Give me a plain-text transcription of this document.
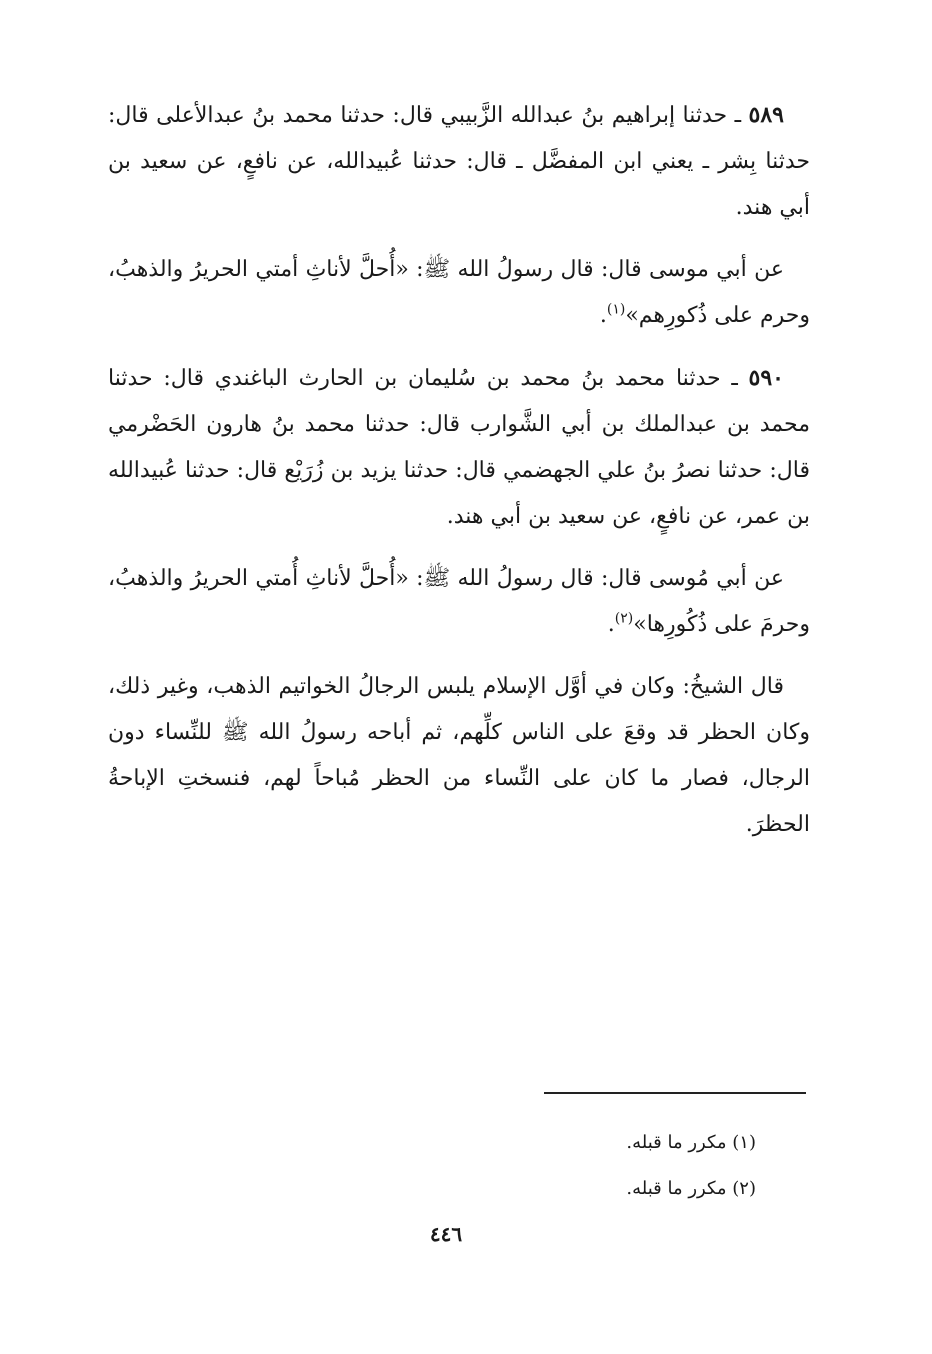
٥٨٩ ـ حدثنا إبراهيم بنُ عبدالله الزَّبيبي قال: حدثنا محمد بنُ عبدالأعلى قال: حدثنا بِشر ـ يعني ابن المفضَّل ـ قال: حدثنا عُبيدالله، عن نافعٍ، عن سعيد بن أبي هند.

عن أبي موسى قال: قال رسولُ الله ﷺ: «أُحلَّ لأناثِ أمتي الحريرُ والذهبُ، وحرم على ذُكورِهم»$^{(١)}$.

٥٩٠ ـ حدثنا محمد بنُ محمد بن سُليمان بن الحارث الباغندي قال: حدثنا محمد بن عبدالملك بن أبي الشَّوارب قال: حدثنا محمد بنُ هارون الحَضْرمي قال: حدثنا نصرُ بنُ علي الجهضمي قال: حدثنا يزيد بن زُرَيْع قال: حدثنا عُبيدالله بن عمر، عن نافعٍ، عن سعيد بن أبي هند.

عن أبي مُوسى قال: قال رسولُ الله ﷺ: «أُحلَّ لأناثِ أُمتي الحريرُ والذهبُ، وحرمَ على ذُكُورِها»$^{(٢)}$.

قال الشيخُ: وكان في أوَّل الإسلام يلبس الرجالُ الخواتيم الذهب، وغير ذلك، وكان الحظر قد وقعَ على الناس كلِّهم، ثم أباحه رسولُ الله ﷺ للنِّساء دون الرجال، فصار ما كان على النِّساء من الحظر مُباحاً لهم، فنسختِ الإباحةُ الحظرَ.

(١) مكرر ما قبله.

(٢) مكرر ما قبله.

٤٤٦
